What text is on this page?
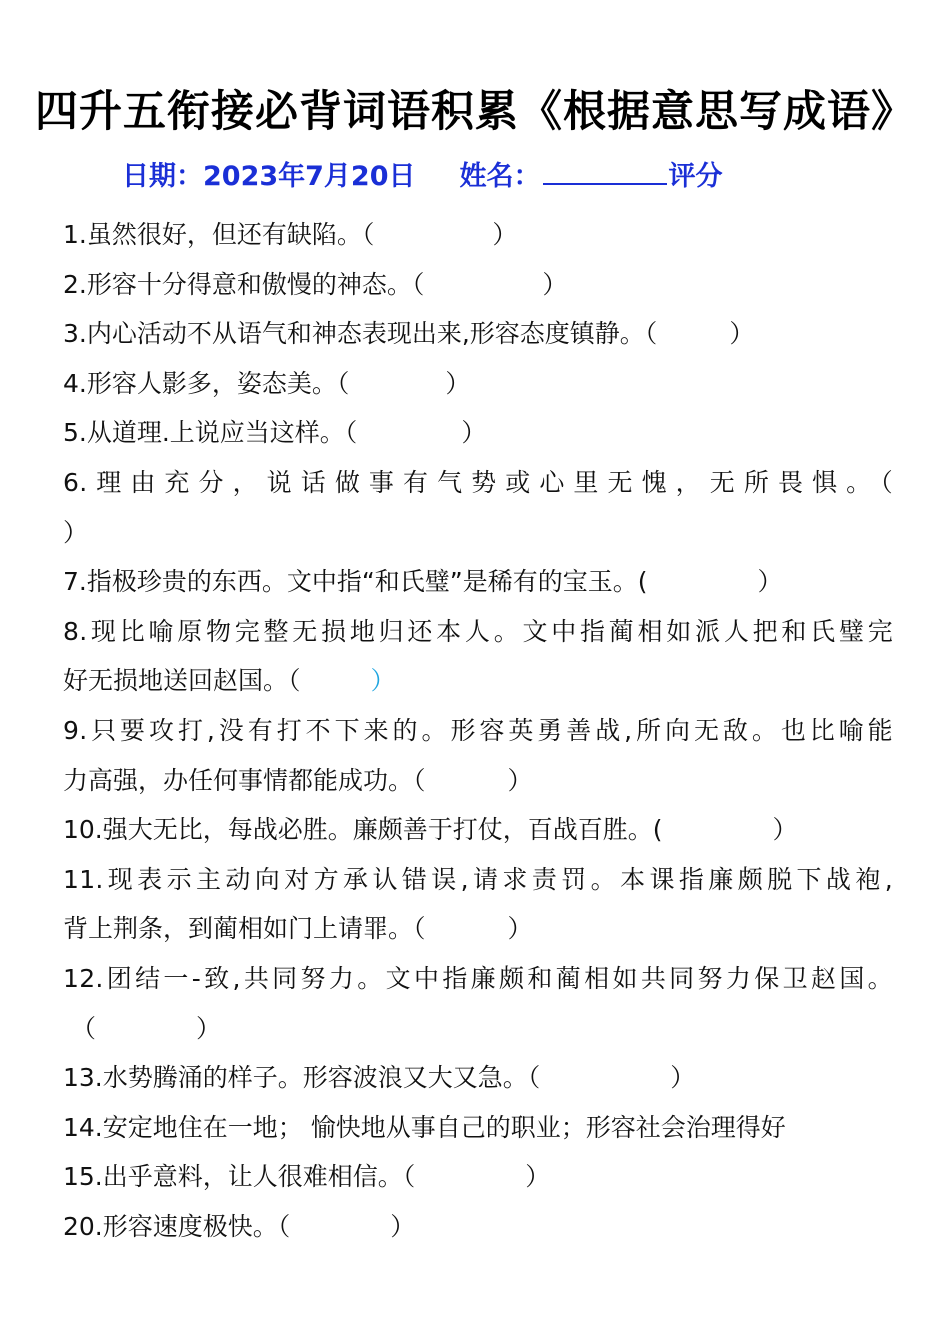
四升五衔接必背词语积累《根据意思写成语》
日期：2023年7月20日 姓名：	评分
1.虽然很好，但还有缺陷。（	）
2.形容十分得意和傲慢的神态。（	）
3.内心活动不从语气和神态表现出来,形容态度镇静。（	）
4.形容人影多，姿态美。（	）
5.从道理.上说应当这样。（	）
6.理由充分，说话做事有气势或心里无愧，无所畏惧。（
）
7.指极珍贵的东西。文中指“和氏璧”是稀有的宝玉。(	）
8.现比喻原物完整无损地归还本人。文中指蔺相如派人把和氏璧完
好无损地送回赵国。（	）
9.只要攻打,没有打不下来的。形容英勇善战,所向无敌。也比喻能
力高强，办任何事情都能成功。（	）
10.强大无比，每战必胜。廉颇善于打仗，百战百胜。(	）
11.现表示主动向对方承认错误,请求责罚。本课指廉颇脱下战袍,
背上荆条，到蔺相如门上请罪。（	）
12.团结一-致,共同努力。文中指廉颇和蔺相如共同努力保卫赵国。
（	）
13.水势腾涌的样子。形容波浪又大又急。（	）
14.安定地住在一地； 愉快地从事自己的职业；形容社会治理得好
15.出乎意料，让人很难相信。（	）
20.形容速度极快。（	）
